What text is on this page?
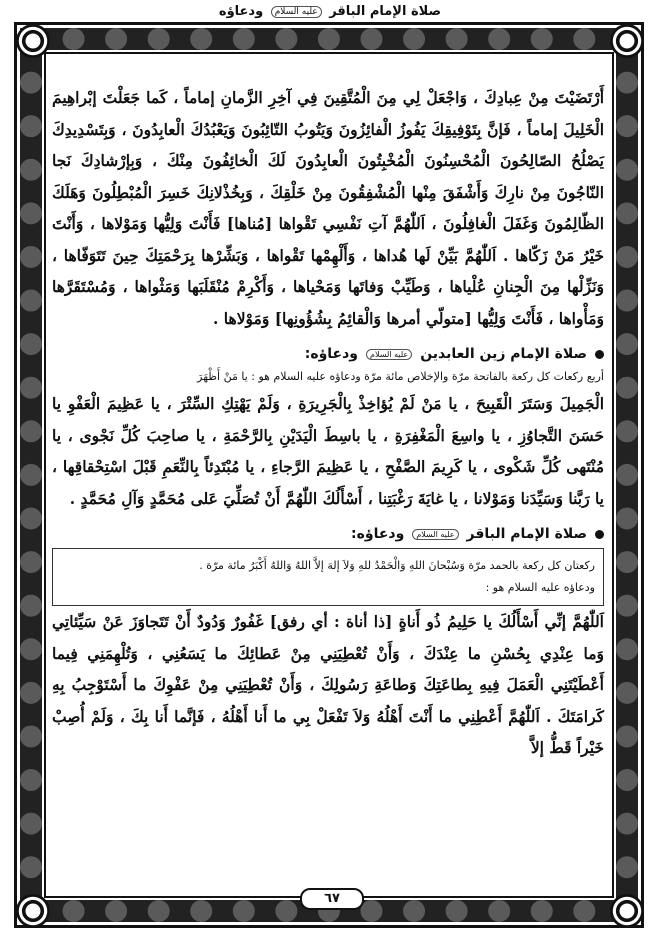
صلاة الإمام الباقر عليه السلام ودعاؤه

أَرْتَضَيْتَ مِنْ عِبادِكَ ، وَاجْعَلْ لِي مِنَ الْمُتَّقِينَ فِي آخِرِ الزَّمانِ إماماً ، كَما جَعَلْتَ إبْراهِيمَ الْخَلِيلَ إماماً ، فَإنَّ بِتَوْفِيقِكَ يَفُوزُ الْفائِزُونَ وَيَتُوبُ التّائِبُونَ وَيَعْبُدُكَ الْعابِدُونَ ، وَبِتَسْدِيدِكَ يَصْلُحُ الصّالِحُونَ الْمُحْسِنُونَ الْمُخْبِتُونَ الْعابِدُونَ لَكَ الْخائِفُونَ مِنْكَ ، وَبِإرْشادِكَ نَجا النّاجُونَ مِنْ نارِكَ وَأَشْفَقَ مِنْها الْمُشْفِقُونَ مِنْ خَلْقِكَ ، وَبِخُذْلانِكَ خَسِرَ الْمُبْطِلُونَ وَهَلَكَ الظّالِمُونَ وَغَفَلَ الْغافِلُونَ ، اَللّٰهُمَّ آتِ نَفْسِي تَقْواها [مُناها] فَأَنْتَ وَلِيُّها وَمَوْلاها ، وَأَنْتَ خَيْرُ مَنْ زَكّاها . اَللّٰهُمَّ بَيِّنْ لَها هُداها ، وَأَلْهِمْها تَقْواها ، وَبَشِّرْها بِرَحْمَتِكَ حِينَ تَتَوَفّاها ، وَنَزِّلْها مِنَ الْجِنانِ عُلْياها ، وَطَيِّبْ وَفاتَها وَمَحْياها ، وَأَكْرِمْ مُنْقَلَبَها وَمَثْواها ، وَمُسْتَقَرَّها وَمَأْواها ، فَأَنْتَ وَلِيُّها [متولّي أمرها وَالْقائِمُ بِشُؤُونِها] وَمَوْلاها .

صلاة الإمام زين العابدين
عليه السلام
ودعاؤه:

أربع ركعات كل ركعة بالفاتحة مرّة والإخلاص مائة مرّة ودعاؤه عليه السلام هو : يا مَنْ أَظْهَرَ

الْجَمِيلَ وَسَتَرَ الْقَبِيحَ ، يا مَنْ لَمْ يُؤاخِذْ بِالْجَرِيرَةِ ، وَلَمْ يَهْتِكِ السِّتْرَ ، يا عَظِيمَ الْعَفْوِ يا حَسَنَ التَّجاوُزِ ، يا واسِعَ الْمَغْفِرَةِ ، يا باسِطَ الْيَدَيْنِ بِالرَّحْمَةِ ، يا صاحِبَ كُلِّ نَجْوى ، يا مُنْتَهى كُلِّ شَكْوى ، يا كَرِيمَ الصَّفْحِ ، يا عَظِيمَ الرَّجاءِ ، يا مُبْتَدِئاً بِالنِّعَمِ قَبْلَ اسْتِحْقاقِها ، يا رَبَّنا وَسَيِّدَنا وَمَوْلانا ، يا غايَةَ رَغْبَتِنا ، أَسْأَلُكَ اللّٰهُمَّ أَنْ تُصَلِّيَ عَلى مُحَمَّدٍ وَآلِ مُحَمَّدٍ .

صلاة الإمام الباقر
عليه السلام
ودعاؤه:

ركعتان كل ركعة بالحمد مرّة وَسُبْحانَ اللهِ وَالْحَمْدُ للهِ وَلاَ إلهَ إلاَّ اللهُ وَاللهُ أَكْبَرُ مائة مرّة .

ودعاؤه عليه السلام هو :

اَللّٰهُمَّ إنِّي أَسْأَلُكَ يا حَلِيمُ ذُو أَناةٍ [ذا أناة : أي رفق] غَفُورٌ وَدُودٌ أَنْ تَتَجاوَزَ عَنْ سَيِّئاتِي وَما عِنْدِي بِحُسْنِ ما عِنْدَكَ ، وَأَنْ تُعْطِيَنِي مِنْ عَطائِكَ ما يَسَعُنِي ، وَتُلْهِمَنِي فِيما أَعْطَيْتَنِي الْعَمَلَ فِيهِ بِطاعَتِكَ وَطاعَةِ رَسُولِكَ ، وَأَنْ تُعْطِيَنِي مِنْ عَفْوِكَ ما أَسْتَوْجِبُ بِهِ كَرامَتَكَ . اَللّٰهُمَّ أَعْطِنِي ما أَنْتَ أَهْلُهُ وَلاَ تَفْعَلْ بِي ما أَنا أَهْلُهُ ، فَإنَّما أَنا بِكَ ، وَلَمْ أُصِبْ خَيْراً قَطُّ إلاَّ

٦٧
